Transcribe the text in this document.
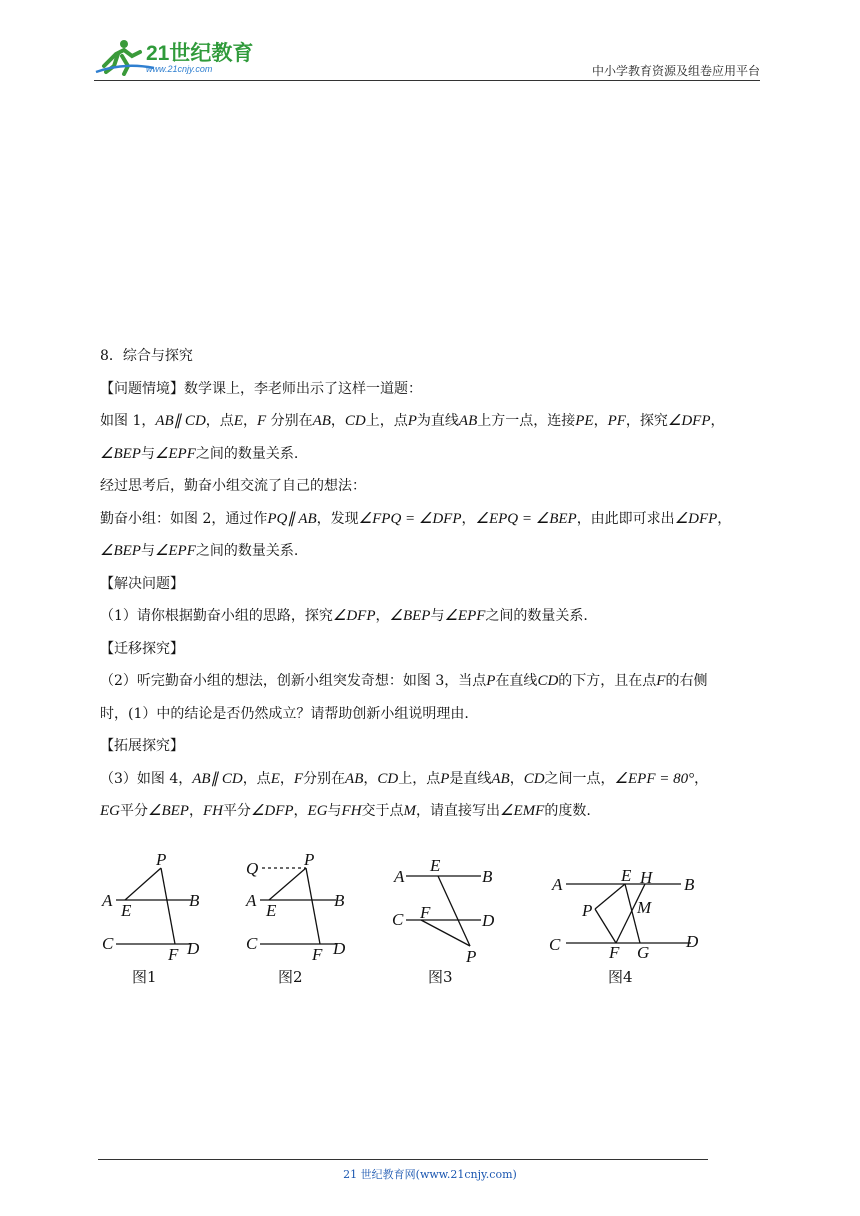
21世纪教育
www.21cnjy.com	中小学教育资源及组卷应用平台

8．综合与探究

【问题情境】数学课上，李老师出示了这样一道题：

如图 1，AB∥ CD，点E，F 分别在AB，CD上，点P为直线AB上方一点，连接PE，PF，探究∠DFP，

∠BEP与∠EPF之间的数量关系.

经过思考后，勤奋小组交流了自己的想法：

勤奋小组：如图 2，通过作PQ∥ AB，发现∠FPQ = ∠DFP，∠EPQ = ∠BEP，由此即可求出∠DFP，

∠BEP与∠EPF之间的数量关系.

【解决问题】

（1）请你根据勤奋小组的思路，探究∠DFP，∠BEP与∠EPF之间的数量关系.

【迁移探究】

（2）听完勤奋小组的想法，创新小组突发奇想：如图 3，当点P在直线CD的下方，且在点F的右侧

时，(1）中的结论是否仍然成立？请帮助创新小组说明理由.

【拓展探究】

（3）如图 4，AB∥ CD，点E，F分别在AB，CD上，点P是直线AB，CD之间一点，∠EPF = 80°，

EG平分∠BEP，FH平分∠DFP，EG与FH交于点M，请直接写出∠EMF的度数.

A	B
C	D
E
F
P
图1
Q
A	B
C	D
E
F
P
图2
A	B
C	D
E
F
P
图3
A	B
C	D
E H
P	M
F G
图4
21 世纪教育网(www.21cnjy.com)
